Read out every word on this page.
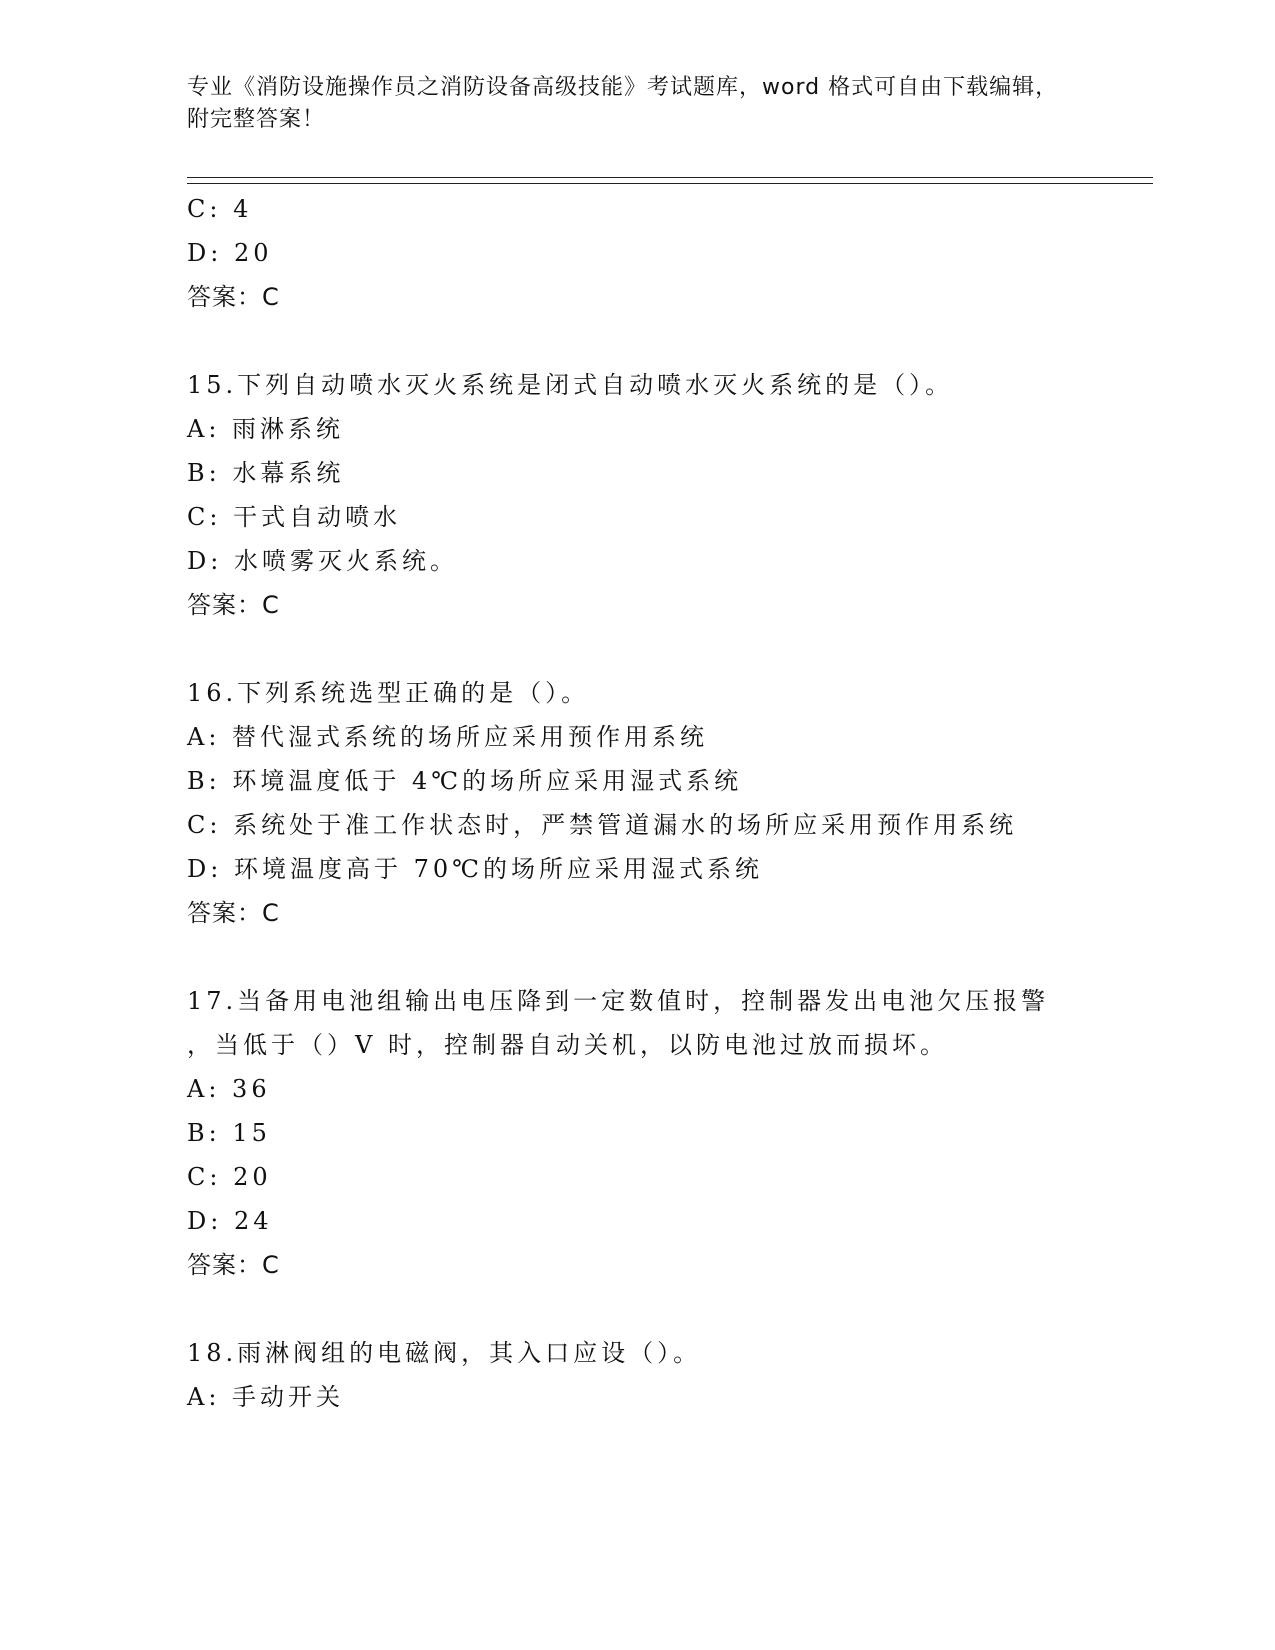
专业《消防设施操作员之消防设备高级技能》考试题库，word 格式可自由下载编辑，附完整答案！
C: 4
D: 20
答案：C
15.下列自动喷水灭火系统是闭式自动喷水灭火系统的是（）。
A: 雨淋系统
B: 水幕系统
C: 干式自动喷水
D: 水喷雾灭火系统。
答案：C
16.下列系统选型正确的是（）。
A: 替代湿式系统的场所应采用预作用系统
B: 环境温度低于 4℃的场所应采用湿式系统
C: 系统处于准工作状态时，严禁管道漏水的场所应采用预作用系统
D: 环境温度高于 70℃的场所应采用湿式系统
答案：C
17.当备用电池组输出电压降到一定数值时，控制器发出电池欠压报警
，当低于（）V 时，控制器自动关机，以防电池过放而损坏。
A: 36
B: 15
C: 20
D: 24
答案：C
18.雨淋阀组的电磁阀，其入口应设（）。
A: 手动开关
